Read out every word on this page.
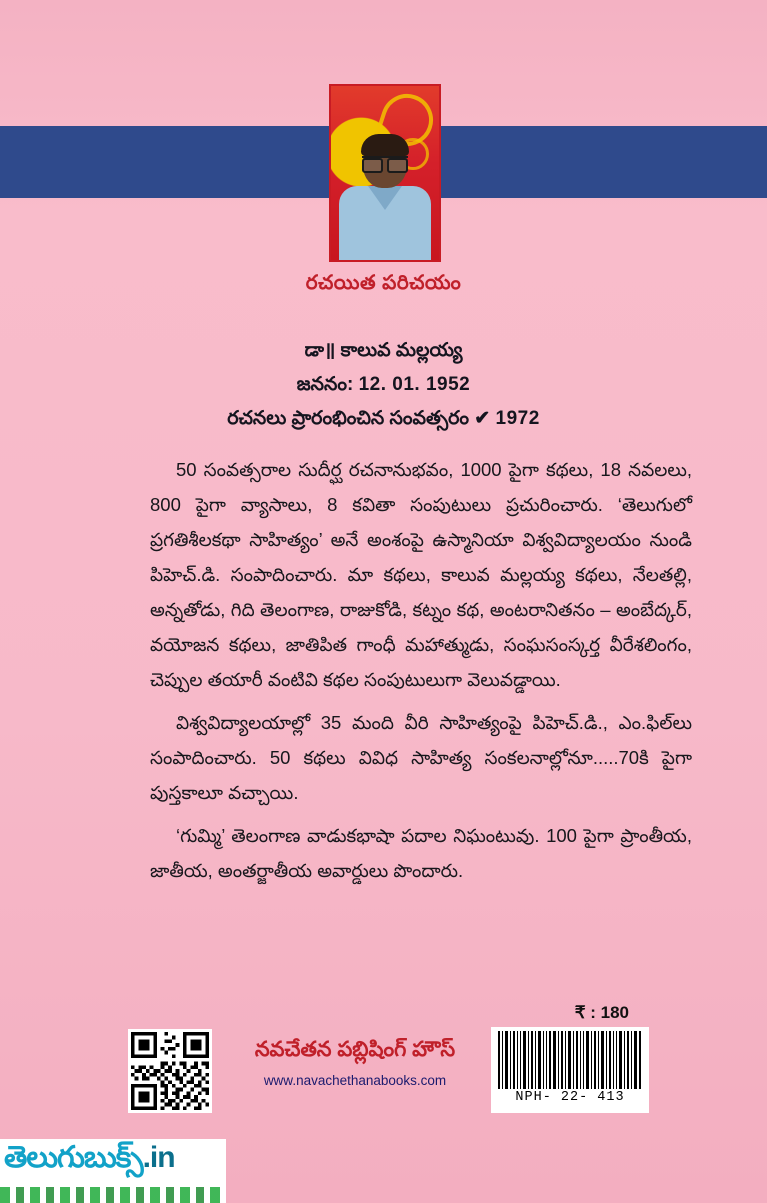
రచయిత పరిచయం
డా॥ కాలువ మల్లయ్య
జననం: 12. 01. 1952
రచనలు ప్రారంభించిన సంవత్సరం ✔ 1972

50 సంవత్సరాల సుదీర్ఘ రచనానుభవం, 1000 పైగా కథలు, 18 నవలలు, 800 పైగా వ్యాసాలు, 8 కవితా సంపుటులు ప్రచురించారు. ‘తెలుగులో ప్రగతిశీలకథా సాహిత్యం’ అనే అంశంపై ఉస్మానియా విశ్వవిద్యాలయం నుండి పిహెచ్.డి. సంపాదించారు. మా కథలు, కాలువ మల్లయ్య కథలు, నేలతల్లి, అన్నతోడు, గిది తెలంగాణ, రాజుకోడి, కట్నం కథ, అంటరానితనం – అంబేద్కర్, వయోజన కథలు, జాతిపిత గాంధీ మహాత్ముడు, సంఘసంస్కర్త వీరేశలింగం, చెప్పుల తయారీ వంటివి కథల సంపుటులుగా వెలువడ్డాయి.

విశ్వవిద్యాలయాల్లో 35 మంది వీరి సాహిత్యంపై పిహెచ్.డి., ఎం.ఫిల్‌లు సంపాదించారు. 50 కథలు వివిధ సాహిత్య సంకలనాల్లోనూ.....70కి పైగా పుస్తకాలూ వచ్చాయి.

‘గుమ్మి’ తెలంగాణ వాడుకభాషా పదాల నిఘంటువు. 100 పైగా ప్రాంతీయ, జాతీయ, అంతర్జాతీయ అవార్డులు పొందారు.

నవచేతన పబ్లిషింగ్ హౌస్
www.navachethanabooks.com
₹ : 180
NPH- 22- 413
తెలుగుబుక్స్.in
